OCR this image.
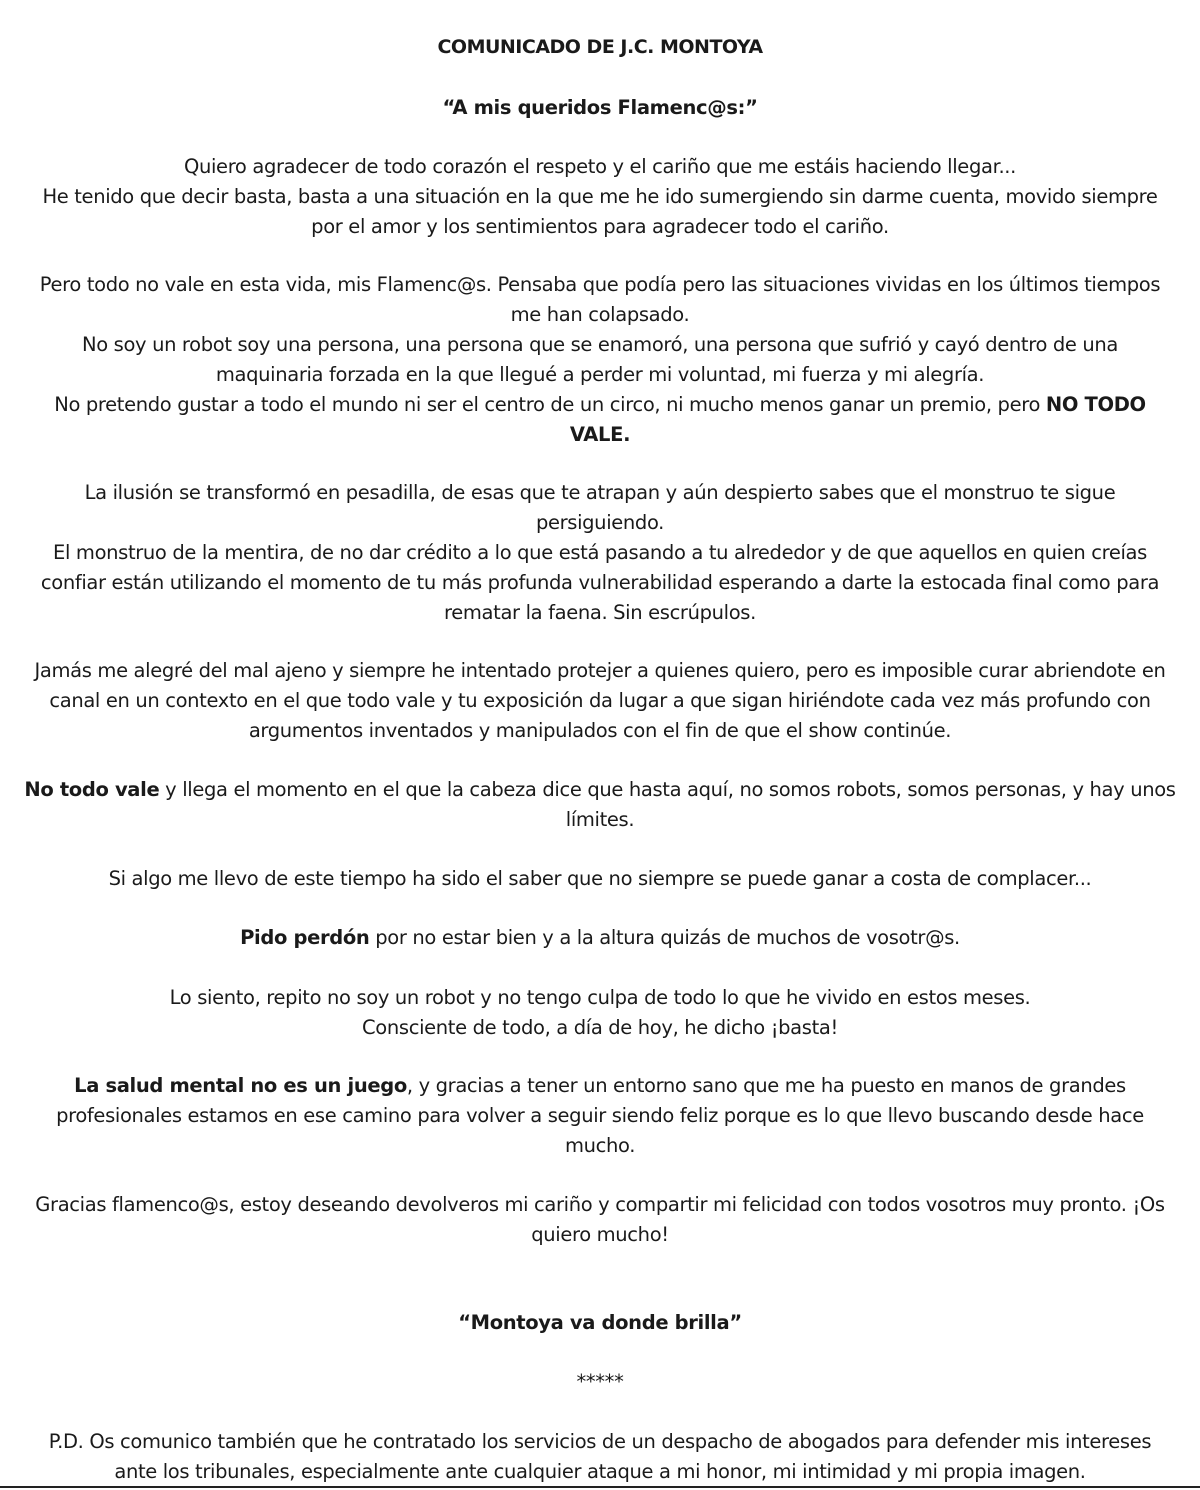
COMUNICADO DE J.C. MONTOYA
“A mis queridos Flamenc@s:”
Quiero agradecer de todo corazón el respeto y el cariño que me estáis haciendo llegar...
He tenido que decir basta, basta a una situación en la que me he ido sumergiendo sin darme cuenta, movido siempre
por el amor y los sentimientos para agradecer todo el cariño.
Pero todo no vale en esta vida, mis Flamenc@s. Pensaba que podía pero las situaciones vividas en los últimos tiempos
me han colapsado.
No soy un robot soy una persona, una persona que se enamoró, una persona que sufrió y cayó dentro de una
maquinaria forzada en la que llegué a perder mi voluntad, mi fuerza y mi alegría.
No pretendo gustar a todo el mundo ni ser el centro de un circo, ni mucho menos ganar un premio, pero NO TODO
VALE.
La ilusión se transformó en pesadilla, de esas que te atrapan y aún despierto sabes que el monstruo te sigue
persiguiendo.
El monstruo de la mentira, de no dar crédito a lo que está pasando a tu alrededor y de que aquellos en quien creías
confiar están utilizando el momento de tu más profunda vulnerabilidad esperando a darte la estocada final como para
rematar la faena. Sin escrúpulos.
Jamás me alegré del mal ajeno y siempre he intentado protejer a quienes quiero, pero es imposible curar abriendote en
canal en un contexto en el que todo vale y tu exposición da lugar a que sigan hiriéndote cada vez más profundo con
argumentos inventados y manipulados con el fin de que el show continúe.
No todo vale y llega el momento en el que la cabeza dice que hasta aquí, no somos robots, somos personas, y hay unos
límites.
Si algo me llevo de este tiempo ha sido el saber que no siempre se puede ganar a costa de complacer...
Pido perdón por no estar bien y a la altura quizás de muchos de vosotr@s.
Lo siento, repito no soy un robot y no tengo culpa de todo lo que he vivido en estos meses.
Consciente de todo, a día de hoy, he dicho ¡basta!
La salud mental no es un juego, y gracias a tener un entorno sano que me ha puesto en manos de grandes
profesionales estamos en ese camino para volver a seguir siendo feliz porque es lo que llevo buscando desde hace
mucho.
Gracias flamenco@s, estoy deseando devolveros mi cariño y compartir mi felicidad con todos vosotros muy pronto. ¡Os
quiero mucho!
“Montoya va donde brilla”
*****
P.D. Os comunico también que he contratado los servicios de un despacho de abogados para defender mis intereses
ante los tribunales, especialmente ante cualquier ataque a mi honor, mi intimidad y mi propia imagen.
